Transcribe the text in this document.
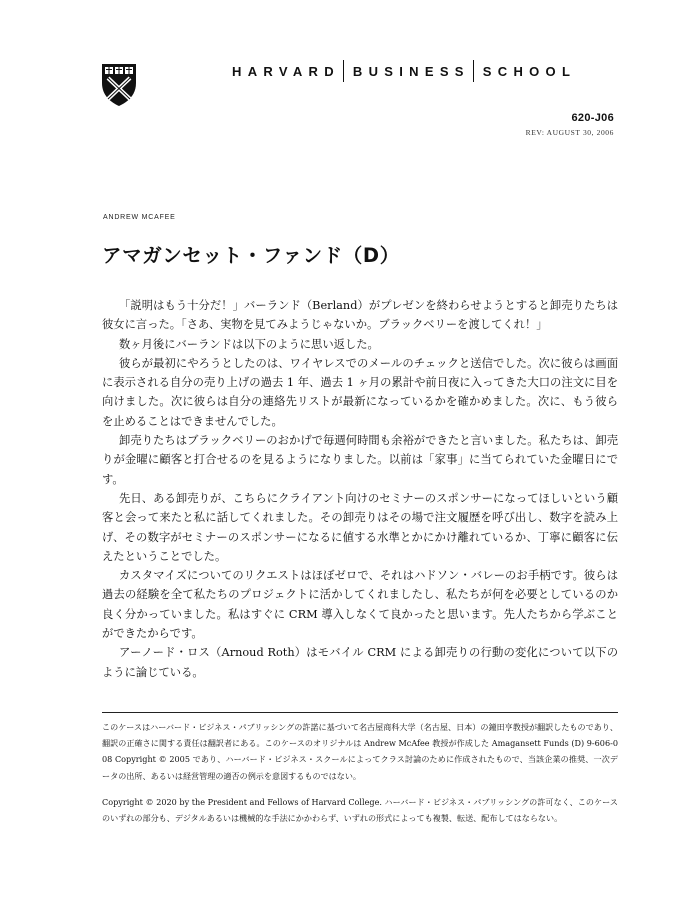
HARVARD BUSINESS SCHOOL
620-J06
REV: AUGUST 30, 2006
ANDREW MCAFEE
アマガンセット・ファンド（D）

「説明はもう十分だ！」バーランド（Berland）がプレゼンを終わらせようとすると卸売りたちは彼女に言った。「さあ、実物を見てみようじゃないか。ブラックベリーを渡してくれ！」

数ヶ月後にバーランドは以下のように思い返した。

彼らが最初にやろうとしたのは、ワイヤレスでのメールのチェックと送信でした。次に彼らは画面に表示される自分の売り上げの過去 1 年、過去 1 ヶ月の累計や前日夜に入ってきた大口の注文に目を向けました。次に彼らは自分の連絡先リストが最新になっているかを確かめました。次に、もう彼らを止めることはできませんでした。

卸売りたちはブラックベリーのおかげで毎週何時間も余裕ができたと言いました。私たちは、卸売りが金曜に顧客と打合せるのを見るようになりました。以前は「家事」に当てられていた金曜日にです。

先日、ある卸売りが、こちらにクライアント向けのセミナーのスポンサーになってほしいという顧客と会って来たと私に話してくれました。その卸売りはその場で注文履歴を呼び出し、数字を読み上げ、その数字がセミナーのスポンサーになるに値する水準とかにかけ離れているか、丁寧に顧客に伝えたということでした。

カスタマイズについてのリクエストはほぼゼロで、それはハドソン・バレーのお手柄です。彼らは過去の経験を全て私たちのプロジェクトに活かしてくれましたし、私たちが何を必要としているのか良く分かっていました。私はすぐに CRM 導入しなくて良かったと思います。先人たちから学ぶことができたからです。

アーノード・ロス（Arnoud Roth）はモバイル CRM による卸売りの行動の変化について以下のように論じている。

このケースはハーバード・ビジネス・パブリッシングの許諾に基づいて名古屋商科大学（名古屋、日本）の鐘田亨教授が翻訳したものであり、翻訳の正確さに関する責任は翻訳者にある。このケースのオリジナルは Andrew McAfee 教授が作成した Amagansett Funds (D) 9-606-008 Copyright © 2005 であり、ハーバード・ビジネス・スクールによってクラス討論のために作成されたもので、当該企業の推奨、一次データの出所、あるいは経営管理の適否の例示を意図するものではない。

Copyright © 2020 by the President and Fellows of Harvard College. ハーバード・ビジネス・パブリッシングの許可なく、このケースのいずれの部分も、デジタルあるいは機械的な手法にかかわらず、いずれの形式によっても複製、転送、配布してはならない。
